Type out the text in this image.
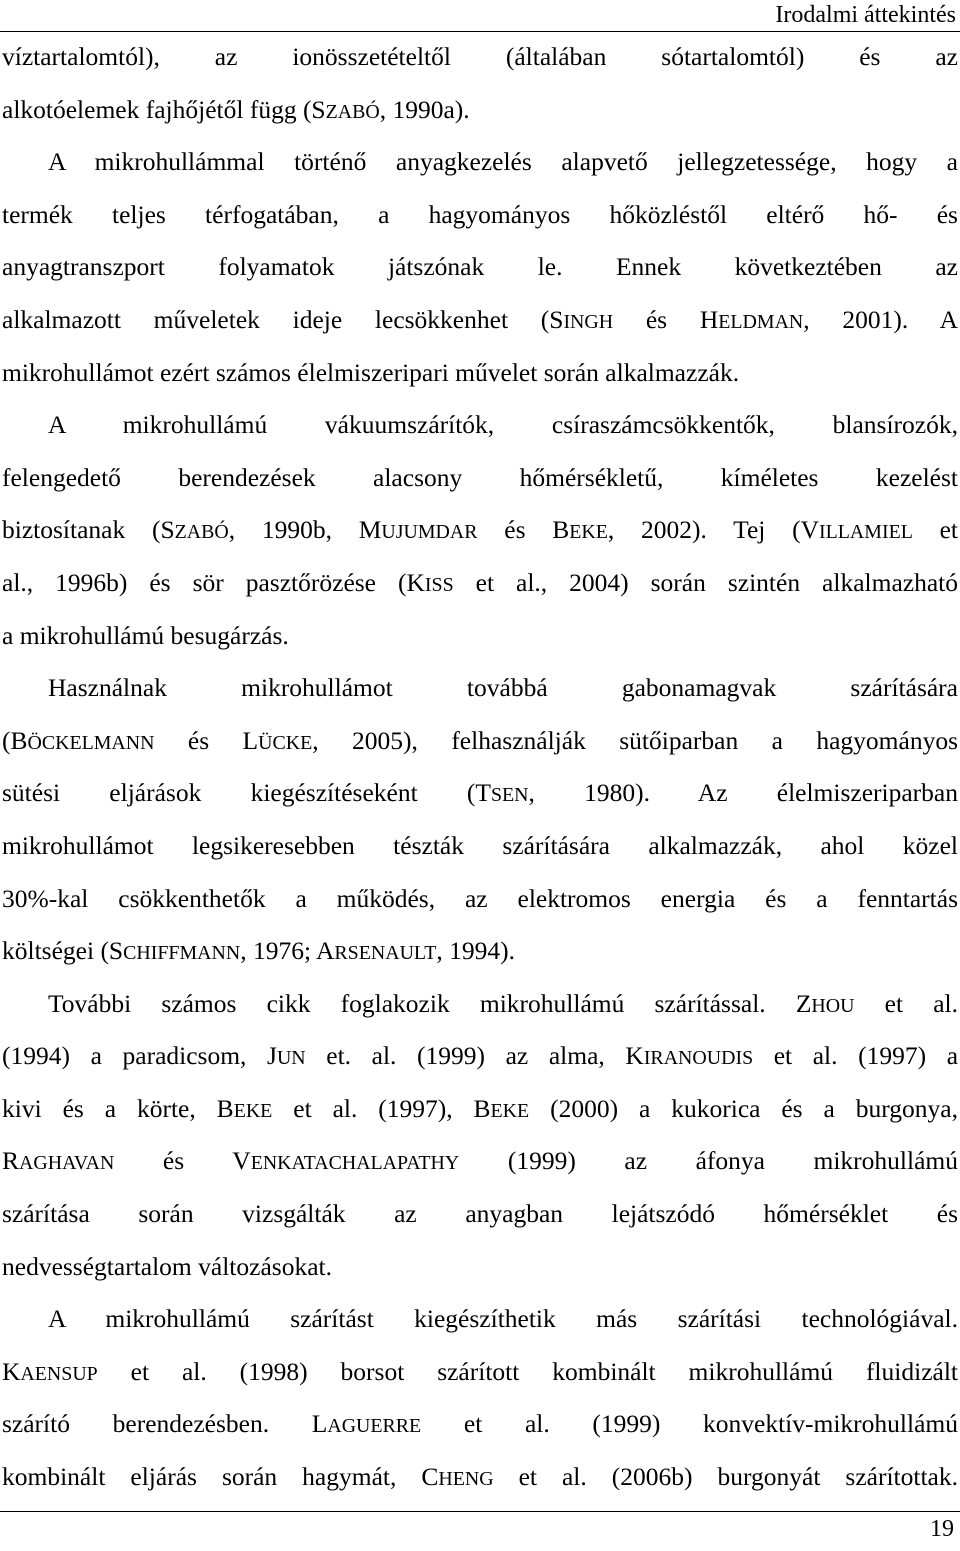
Irodalmi áttekintés
víztartalomtól), az ionösszetételtől (általában sótartalomtól) és az
alkotóelemek fajhőjétől függ (SZABÓ, 1990a).
A mikrohullámmal történő anyagkezelés alapvető jellegzetessége, hogy a
termék teljes térfogatában, a hagyományos hőközléstől eltérő hő- és
anyagtranszport folyamatok játszónak le. Ennek következtében az
alkalmazott műveletek ideje lecsökkenhet (SINGH és HELDMAN, 2001). A
mikrohullámot ezért számos élelmiszeripari művelet során alkalmazzák.
A mikrohullámú vákuumszárítók, csíraszámcsökkentők, blansírozók,
felengedető berendezések alacsony hőmérsékletű, kíméletes kezelést
biztosítanak (SZABÓ, 1990b, MUJUMDAR és BEKE, 2002). Tej (VILLAMIEL et
al., 1996b) és sör pasztőrözése (KISS et al., 2004) során szintén alkalmazható
a mikrohullámú besugárzás.
Használnak mikrohullámot továbbá gabonamagvak szárítására
(BÖCKELMANN és LÜCKE, 2005), felhasználják sütőiparban a hagyományos
sütési eljárások kiegészítéseként (TSEN, 1980). Az élelmiszeriparban
mikrohullámot legsikeresebben tészták szárítására alkalmazzák, ahol közel
30%-kal csökkenthetők a működés, az elektromos energia és a fenntartás
költségei (SCHIFFMANN, 1976; ARSENAULT, 1994).
További számos cikk foglakozik mikrohullámú szárítással. ZHOU et al.
(1994) a paradicsom, JUN et. al. (1999) az alma, KIRANOUDIS et al. (1997) a
kivi és a körte, BEKE et al. (1997), BEKE (2000) a kukorica és a burgonya,
RAGHAVAN és VENKATACHALAPATHY (1999) az áfonya mikrohullámú
szárítása során vizsgálták az anyagban lejátszódó hőmérséklet és
nedvességtartalom változásokat.
A mikrohullámú szárítást kiegészíthetik más szárítási technológiával.
KAENSUP et al. (1998) borsot szárított kombinált mikrohullámú fluidizált
szárító berendezésben. LAGUERRE et al. (1999) konvektív-mikrohullámú
kombinált eljárás során hagymát, CHENG et al. (2006b) burgonyát szárítottak.
19
